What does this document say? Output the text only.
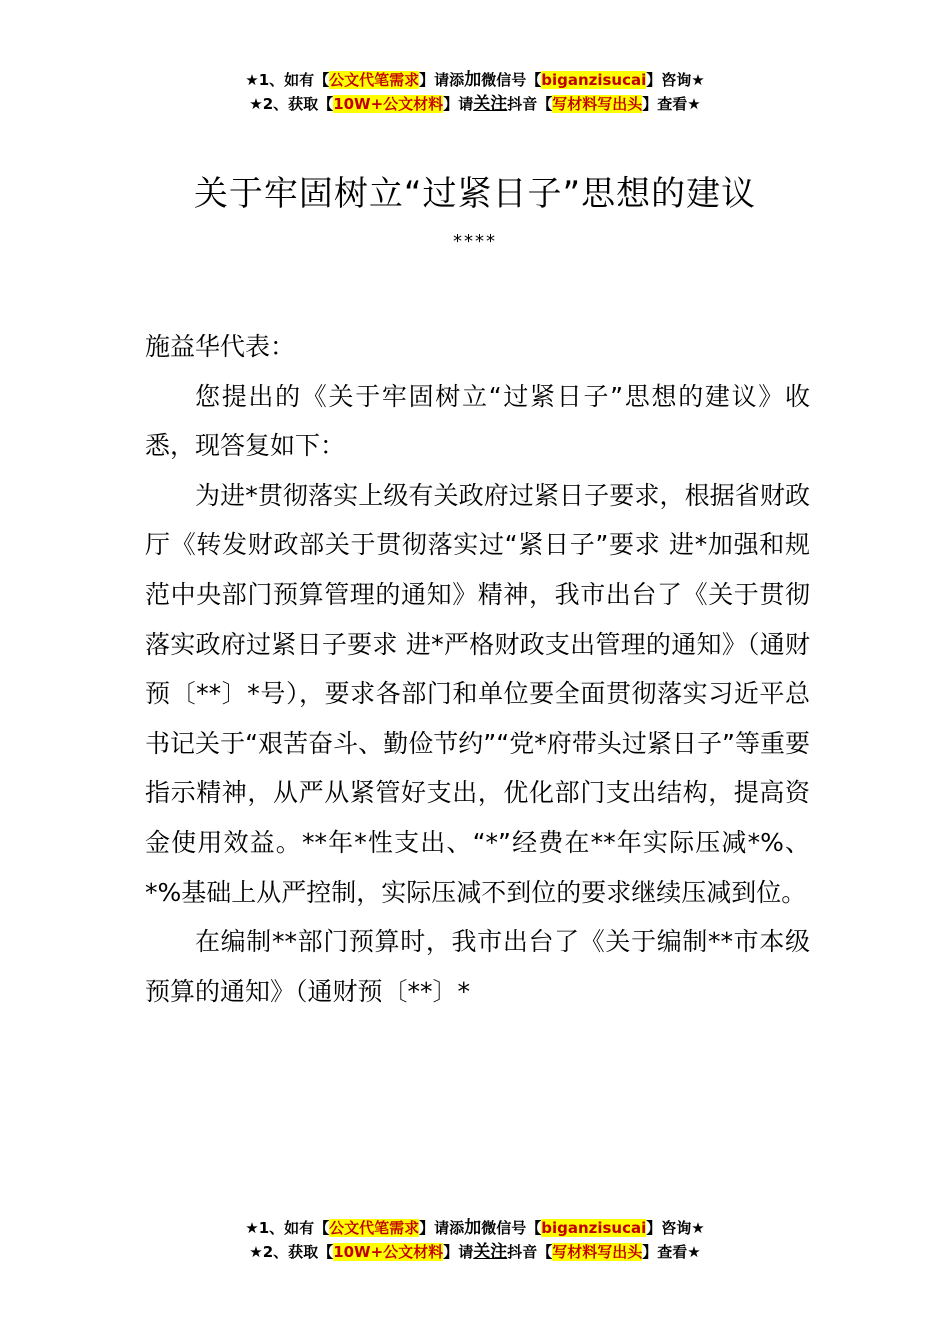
★1、如有【公文代笔需求】请添加微信号【biganzisucai】咨询★
★2、获取【10W+公文材料】请关注抖音【写材料写出头】查看★
关于牢固树立“过紧日子”思想的建议
****

施益华代表：

您提出的《关于牢固树立“过紧日子”思想的建议》收悉，现答复如下：

为进*贯彻落实上级有关政府过紧日子要求，根据省财政厅《转发财政部关于贯彻落实过“紧日子”要求 进*加强和规范中央部门预算管理的通知》精神，我市出台了《关于贯彻落实政府过紧日子要求 进*严格财政支出管理的通知》（通财预〔**〕*号），要求各部门和单位要全面贯彻落实习近平总书记关于“艰苦奋斗、勤俭节约”“党*府带头过紧日子”等重要指示精神，从严从紧管好支出，优化部门支出结构，提高资金使用效益。**年*性支出、“*”经费在**年实际压减*%、*%基础上从严控制，实际压减不到位的要求继续压减到位。

在编制**部门预算时，我市出台了《关于编制**市本级预算的通知》（通财预〔**〕*

★1、如有【公文代笔需求】请添加微信号【biganzisucai】咨询★
★2、获取【10W+公文材料】请关注抖音【写材料写出头】查看★
